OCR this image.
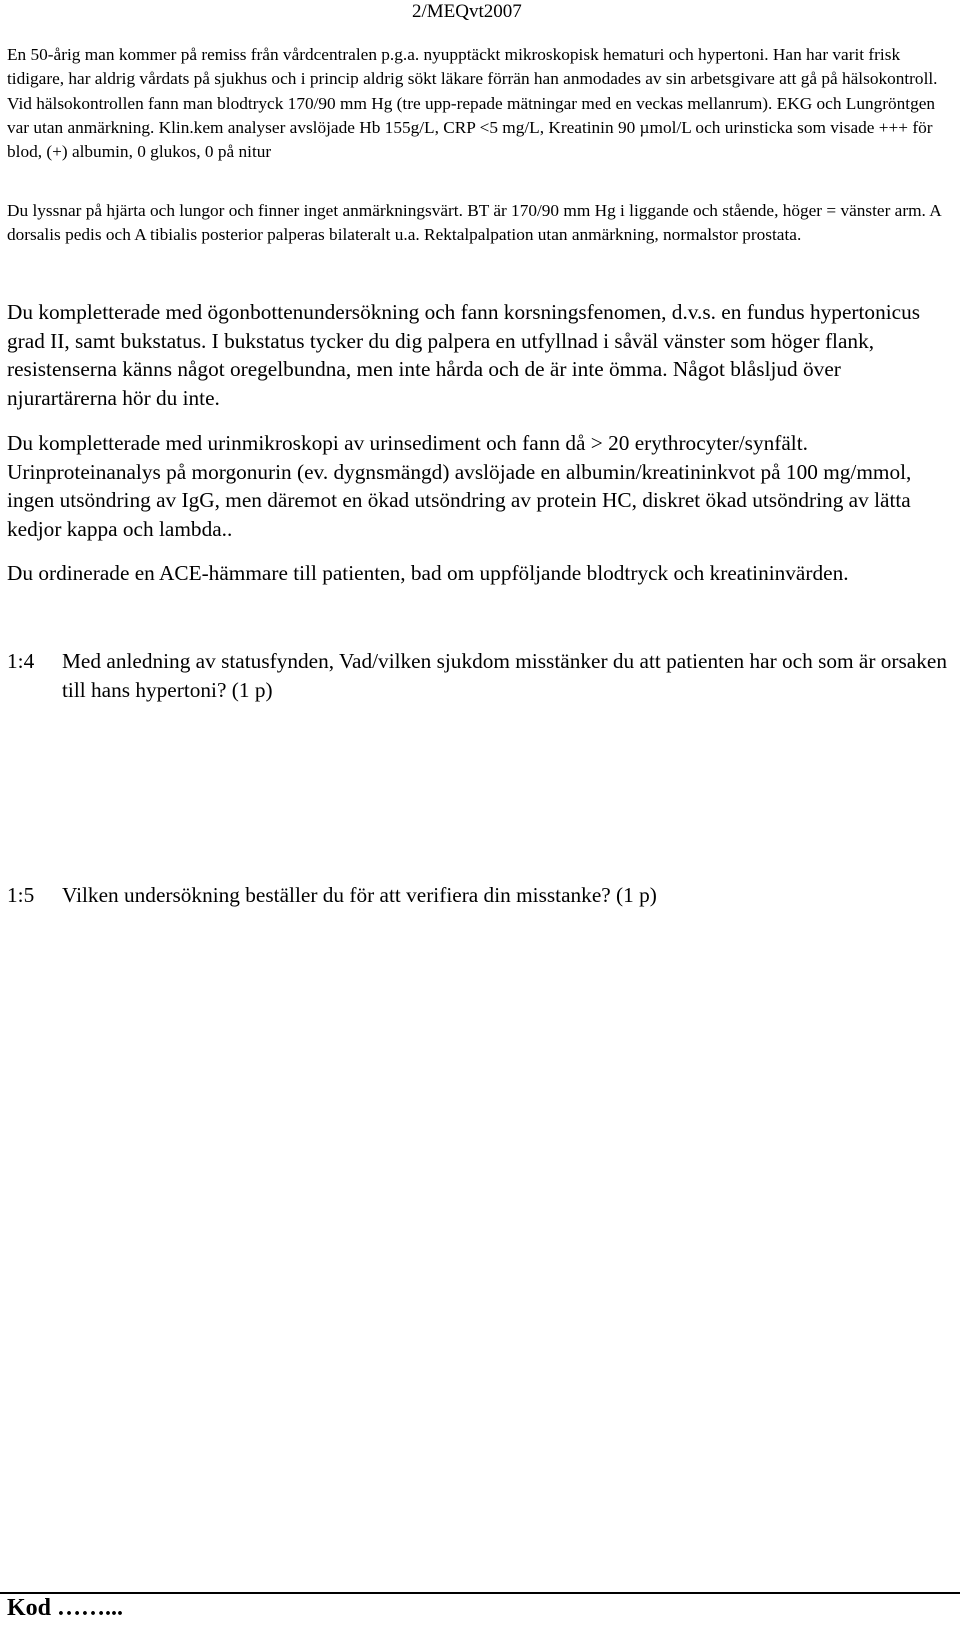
2/MEQvt2007

En 50-årig man kommer på remiss från vårdcentralen p.g.a. nyupptäckt mikroskopisk hematuri och hypertoni. Han har varit frisk tidigare, har aldrig vårdats på sjukhus och i princip aldrig sökt läkare förrän han anmodades av sin arbetsgivare att gå på hälsokontroll. Vid hälsokontrollen fann man blodtryck 170/90 mm Hg (tre upp-repade mätningar med en veckas mellanrum). EKG och Lungröntgen var utan anmärkning. Klin.kem analyser avslöjade Hb 155g/L, CRP <5 mg/L, Kreatinin 90 µmol/L och urinsticka som visade +++ för blod, (+) albumin, 0 glukos, 0 på nitur

Du lyssnar på hjärta och lungor och finner inget anmärkningsvärt. BT är 170/90 mm Hg i liggande och stående, höger = vänster arm. A dorsalis pedis och A tibialis posterior palperas bilateralt u.a. Rektalpalpation utan anmärkning, normalstor prostata.

Du kompletterade med ögonbottenundersökning och fann korsningsfenomen, d.v.s. en fundus hypertonicus grad II, samt bukstatus. I bukstatus tycker du dig palpera en utfyllnad i såväl vänster som höger flank, resistenserna känns något oregelbundna, men inte hårda och de är inte ömma. Något blåsljud över njurartärerna hör du inte.

Du kompletterade med urinmikroskopi av urinsediment och fann då > 20 erythrocyter/synfält. Urinproteinanalys på morgonurin (ev. dygnsmängd) avslöjade en albumin/kreatininkvot på 100 mg/mmol, ingen utsöndring av IgG, men däremot en ökad utsöndring av protein HC, diskret ökad utsöndring av lätta kedjor kappa och lambda..

Du ordinerade en ACE-hämmare till patienten, bad om uppföljande blodtryck och kreatininvärden.

1:4 Med anledning av statusfynden, Vad/vilken sjukdom misstänker du att patienten har och som är orsaken till hans hypertoni? (1 p)
1:5 Vilken undersökning beställer du för att verifiera din misstanke? (1 p)
Kod ……...
